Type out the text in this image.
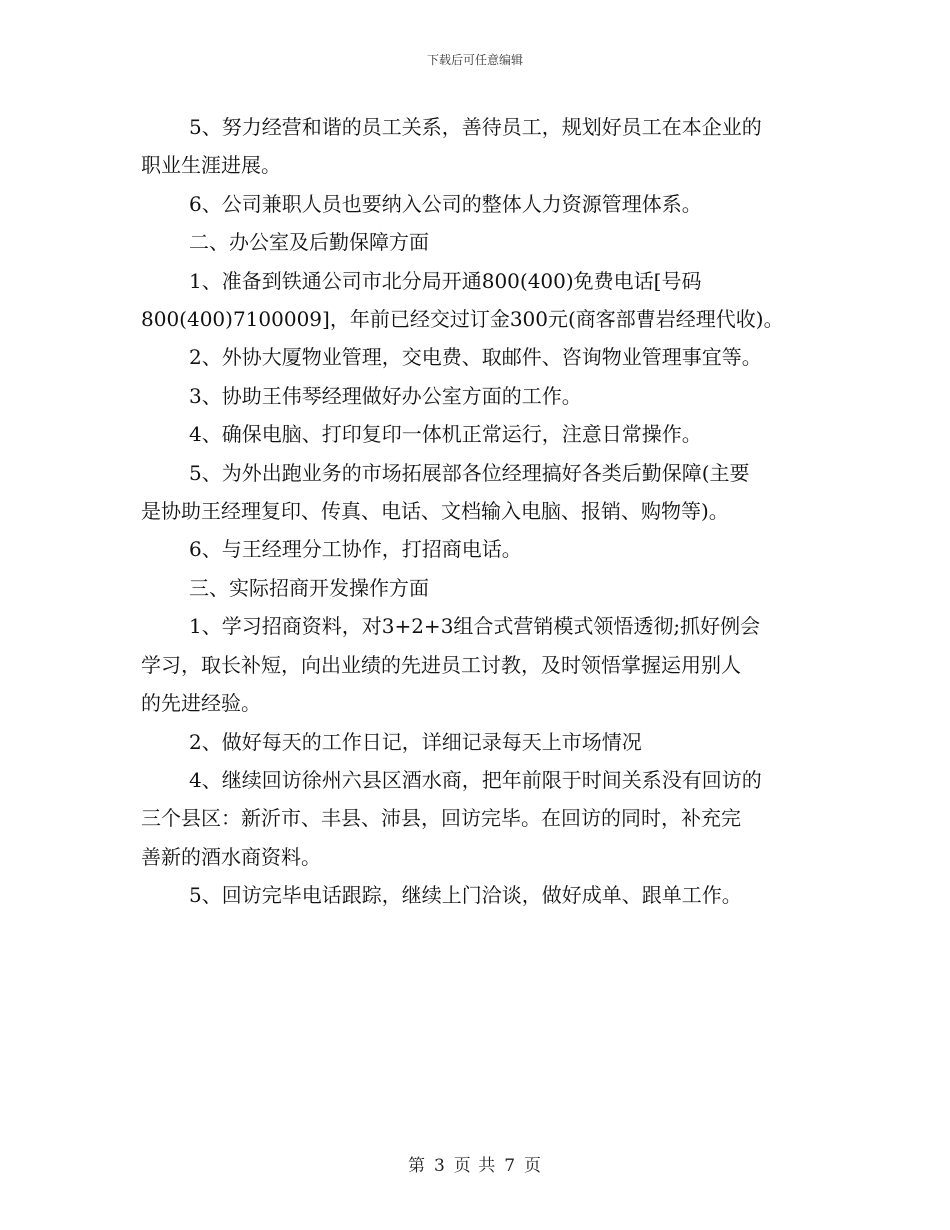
下载后可任意编辑

5、努力经营和谐的员工关系，善待员工，规划好员工在本企业的
职业生涯进展。

6、公司兼职人员也要纳入公司的整体人力资源管理体系。

二、办公室及后勤保障方面

1、准备到铁通公司市北分局开通800(400)免费电话[号码
800(400)7100009]，年前已经交过订金300元(商客部曹岩经理代收)。

2、外协大厦物业管理，交电费、取邮件、咨询物业管理事宜等。

3、协助王伟琴经理做好办公室方面的工作。

4、确保电脑、打印复印一体机正常运行，注意日常操作。

5、为外出跑业务的市场拓展部各位经理搞好各类后勤保障(主要
是协助王经理复印、传真、电话、文档输入电脑、报销、购物等)。

6、与王经理分工协作，打招商电话。

三、实际招商开发操作方面

1、学习招商资料，对3+2+3组合式营销模式领悟透彻;抓好例会
学习，取长补短，向出业绩的先进员工讨教，及时领悟掌握运用别人
的先进经验。

2、做好每天的工作日记，详细记录每天上市场情况

4、继续回访徐州六县区酒水商，把年前限于时间关系没有回访的
三个县区：新沂市、丰县、沛县，回访完毕。在回访的同时，补充完
善新的酒水商资料。

5、回访完毕电话跟踪，继续上门洽谈，做好成单、跟单工作。

第 3 页 共 7 页
